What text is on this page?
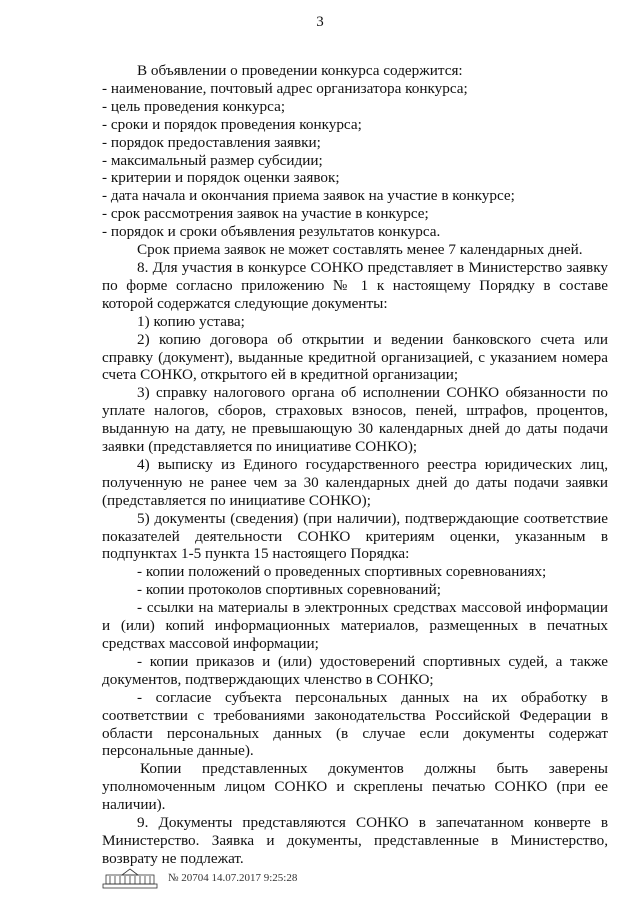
3

В объявлении о проведении конкурса содержится:

- наименование, почтовый адрес организатора конкурса;

- цель проведения конкурса;

- сроки и порядок проведения конкурса;

- порядок предоставления заявки;

- максимальный размер субсидии;

- критерии и порядок оценки заявок;

- дата начала и окончания приема заявок на участие в конкурсе;

- срок рассмотрения заявок на участие в конкурсе;

- порядок и сроки объявления результатов конкурса.

Срок приема заявок не может составлять менее 7 календарных дней.

8. Для участия в конкурсе СОНКО представляет в Министерство заявку по форме согласно приложению № 1 к настоящему Порядку в составе которой содержатся следующие документы:

1) копию устава;

2) копию договора об открытии и ведении банковского счета или справку (документ), выданные кредитной организацией, с указанием номера счета СОНКО, открытого ей в кредитной организации;

3) справку налогового органа об исполнении СОНКО обязанности по уплате налогов, сборов, страховых взносов, пеней, штрафов, процентов, выданную на дату, не превышающую 30 календарных дней до даты подачи заявки (представляется по инициативе СОНКО);

4) выписку из Единого государственного реестра юридических лиц, полученную не ранее чем за 30 календарных дней до даты подачи заявки (представляется по инициативе СОНКО);

5) документы (сведения) (при наличии), подтверждающие соответствие показателей деятельности СОНКО критериям оценки, указанным в подпунктах 1-5 пункта 15 настоящего Порядка:

- копии положений о проведенных спортивных соревнованиях;

- копии протоколов спортивных соревнований;

- ссылки на материалы в электронных средствах массовой информации и (или) копий информационных материалов, размещенных в печатных средствах массовой информации;

- копии приказов и (или) удостоверений спортивных судей, а также документов, подтверждающих членство в СОНКО;

- согласие субъекта персональных данных на их обработку в соответствии с требованиями законодательства Российской Федерации в области персональных данных (в случае если документы содержат персональные данные).

Копии представленных документов должны быть заверены уполномоченным лицом СОНКО и скреплены печатью СОНКО (при ее наличии).

9. Документы представляются СОНКО в запечатанном конверте в Министерство. Заявка и документы, представленные в Министерство, возврату не подлежат.

№ 20704 14.07.2017 9:25:28
